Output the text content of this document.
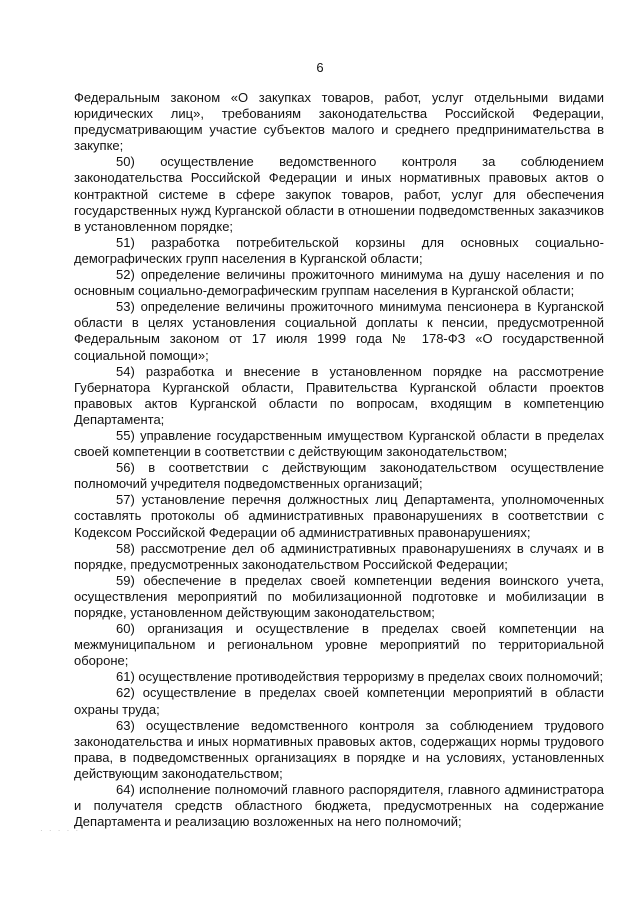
6

Федеральным законом «О закупках товаров, работ, услуг отдельными видами юридических лиц», требованиям законодательства Российской Федерации, предусматривающим участие субъектов малого и среднего предпринимательства в закупке;

50) осуществление ведомственного контроля за соблюдением законодательства Российской Федерации и иных нормативных правовых актов о контрактной системе в сфере закупок товаров, работ, услуг для обеспечения государственных нужд Курганской области в отношении подведомственных заказчиков в установленном порядке;

51) разработка потребительской корзины для основных социально-демографических групп населения в Курганской области;

52) определение величины прожиточного минимума на душу населения и по основным социально-демографическим группам населения в Курганской области;

53) определение величины прожиточного минимума пенсионера в Курганской области в целях установления социальной доплаты к пенсии, предусмотренной Федеральным законом от 17 июля 1999 года № 178-ФЗ «О государственной социальной помощи»;

54) разработка и внесение в установленном порядке на рассмотрение Губернатора Курганской области, Правительства Курганской области проектов правовых актов Курганской области по вопросам, входящим в компетенцию Департамента;

55) управление государственным имуществом Курганской области в пределах своей компетенции в соответствии с действующим законодательством;

56) в соответствии с действующим законодательством осуществление полномочий учредителя подведомственных организаций;

57) установление перечня должностных лиц Департамента, уполномоченных составлять протоколы об административных правонарушениях в соответствии с Кодексом Российской Федерации об административных правонарушениях;

58) рассмотрение дел об административных правонарушениях в случаях и в порядке, предусмотренных законодательством Российской Федерации;

59) обеспечение в пределах своей компетенции ведения воинского учета, осуществления мероприятий по мобилизационной подготовке и мобилизации в порядке, установленном действующим законодательством;

60) организация и осуществление в пределах своей компетенции на межмуниципальном и региональном уровне мероприятий по территориальной обороне;

61) осуществление противодействия терроризму в пределах своих полномочий;

62) осуществление в пределах своей компетенции мероприятий в области охраны труда;

63) осуществление ведомственного контроля за соблюдением трудового законодательства и иных нормативных правовых актов, содержащих нормы трудового права, в подведомственных организациях в порядке и на условиях, установленных действующим законодательством;

64) исполнение полномочий главного распорядителя, главного администратора и получателя средств областного бюджета, предусмотренных на содержание Департамента и реализацию возложенных на него полномочий;

· · · · ·
